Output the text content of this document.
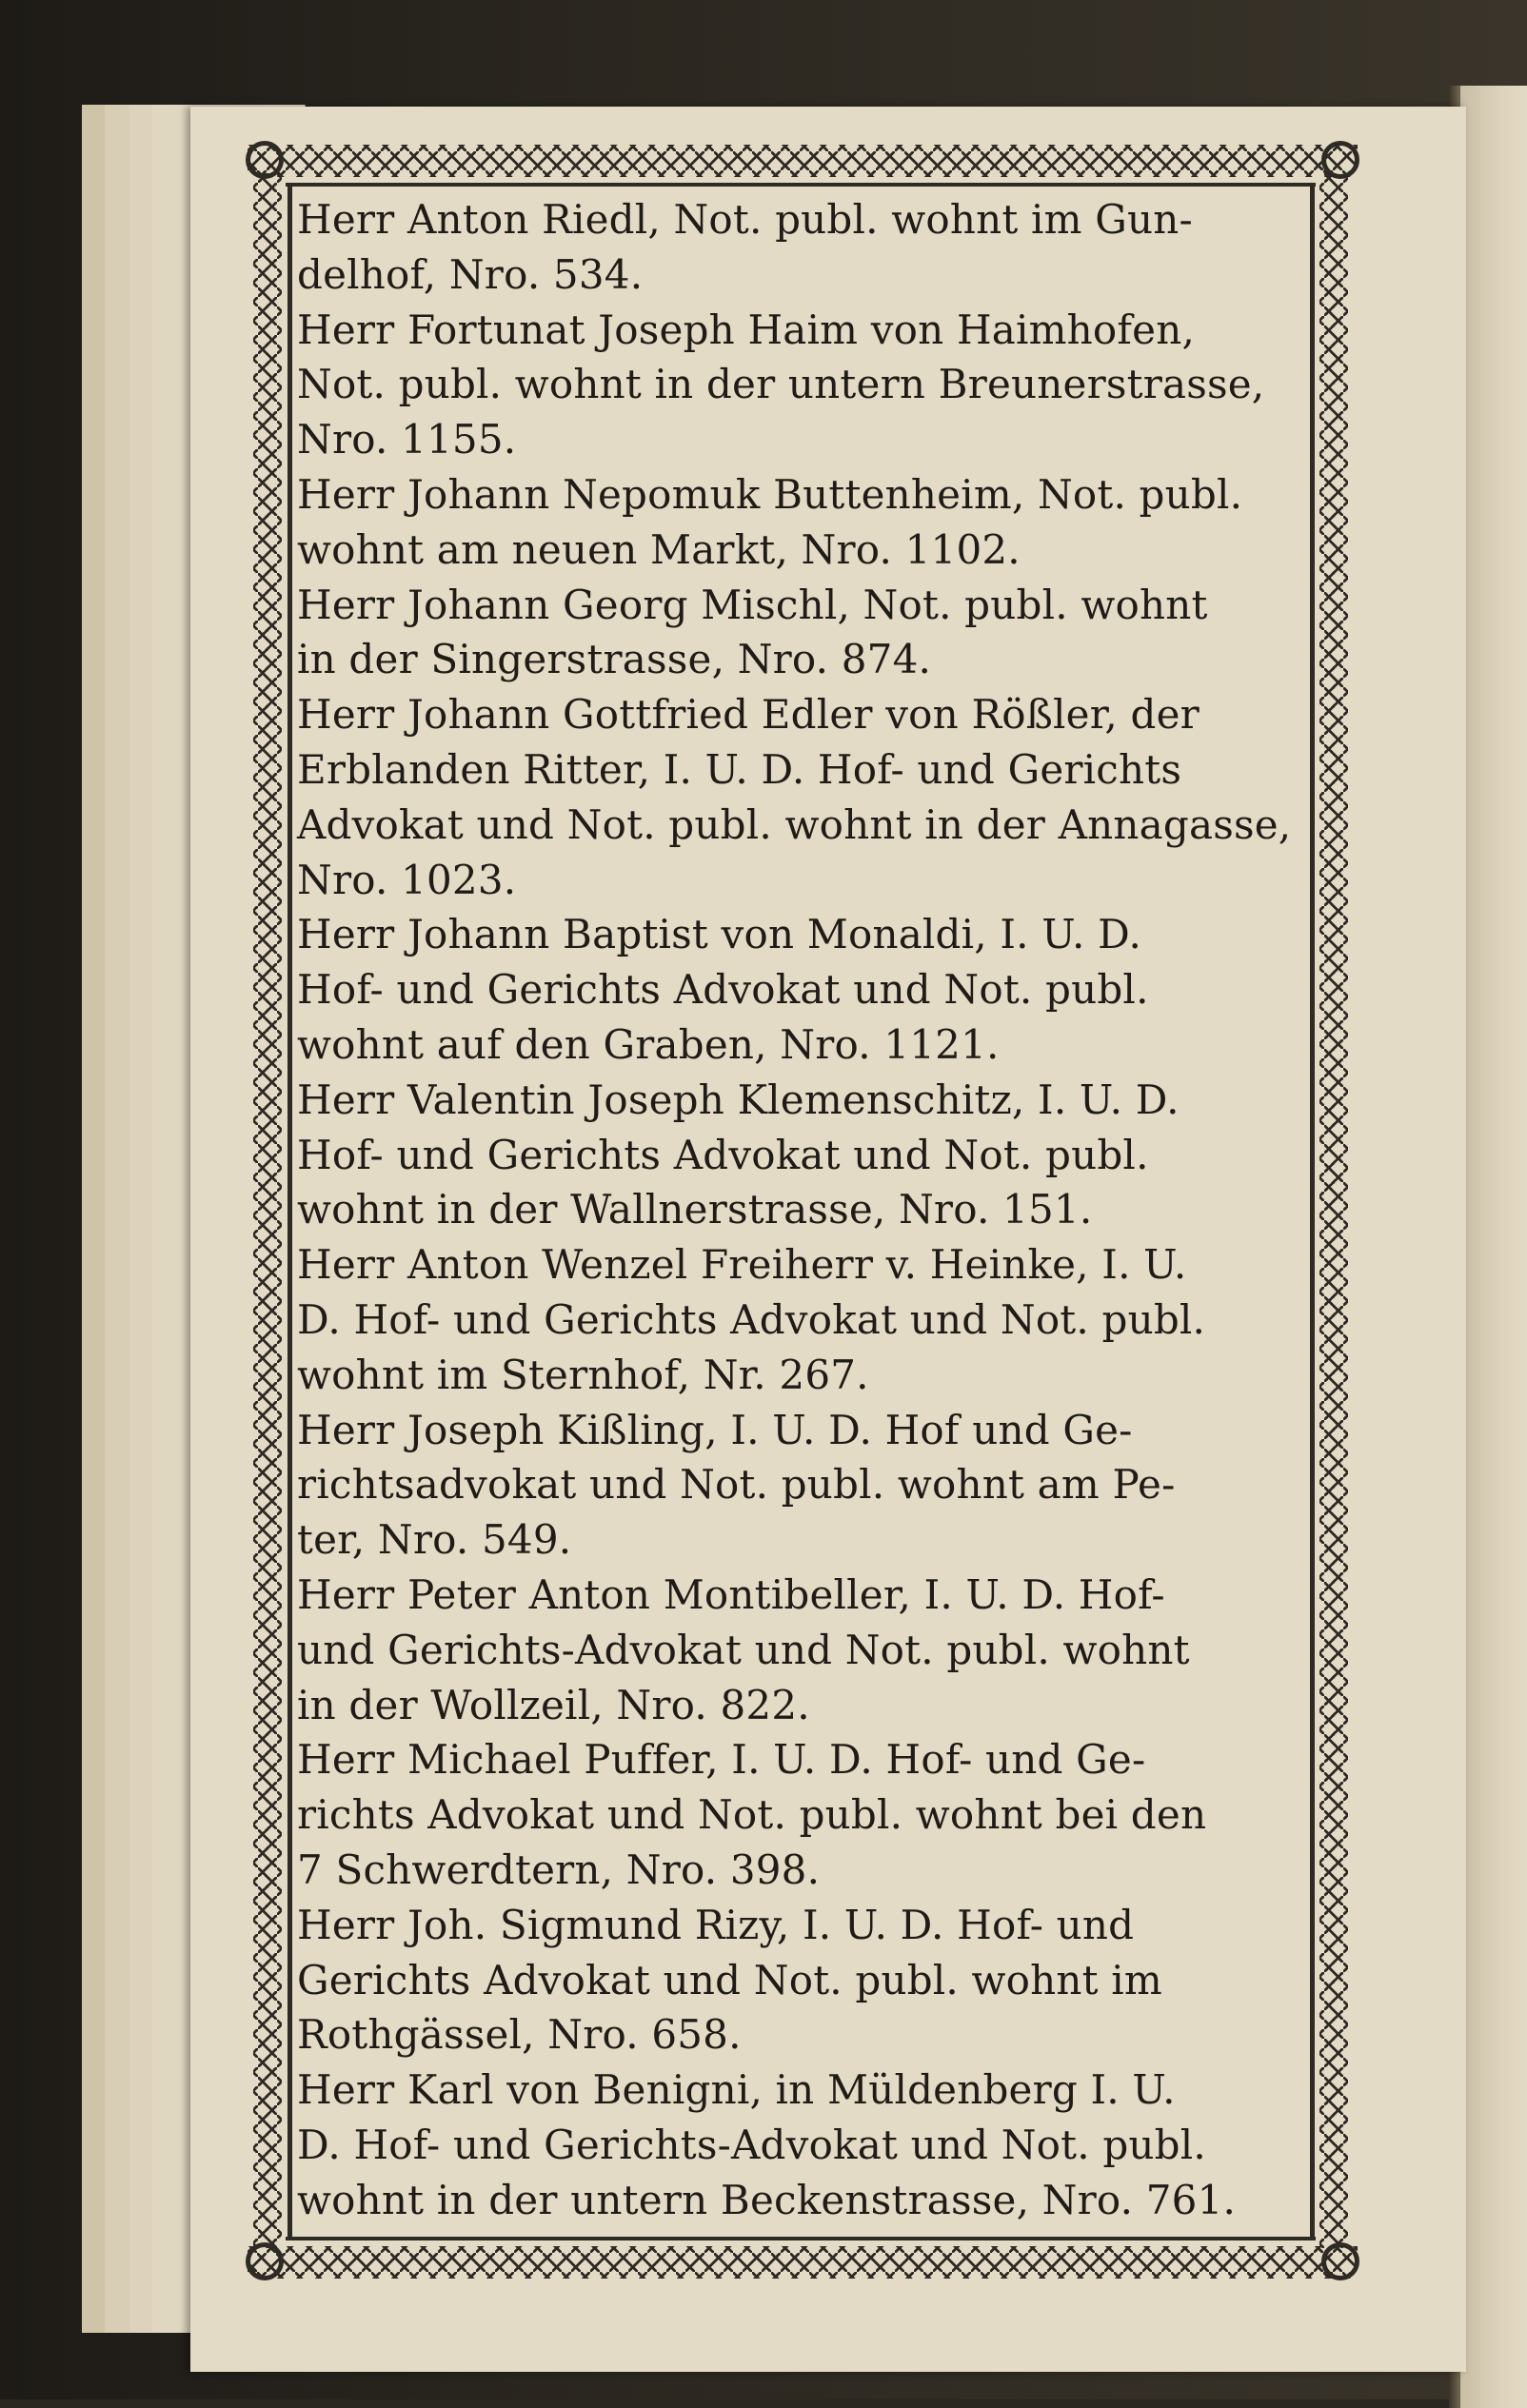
Herr Anton Riedl, Not. publ. wohnt im Gun-
delhof, Nro. 534.

Herr Fortunat Joseph Haim von Haimhofen,
Not. publ. wohnt in der untern Breunerstrasse,
Nro. 1155.

Herr Johann Nepomuk Buttenheim, Not. publ.
wohnt am neuen Markt, Nro. 1102.

Herr Johann Georg Mischl, Not. publ. wohnt
in der Singerstrasse, Nro. 874.

Herr Johann Gottfried Edler von Rößler, der
Erblanden Ritter, I. U. D. Hof- und Gerichts
Advokat und Not. publ. wohnt in der Annagasse,
Nro. 1023.

Herr Johann Baptist von Monaldi, I. U. D.
Hof- und Gerichts Advokat und Not. publ.
wohnt auf den Graben, Nro. 1121.

Herr Valentin Joseph Klemenschitz, I. U. D.
Hof- und Gerichts Advokat und Not. publ.
wohnt in der Wallnerstrasse, Nro. 151.

Herr Anton Wenzel Freiherr v. Heinke, I. U.
D. Hof- und Gerichts Advokat und Not. publ.
wohnt im Sternhof, Nr. 267.

Herr Joseph Kißling, I. U. D. Hof und Ge-
richtsadvokat und Not. publ. wohnt am Pe-
ter, Nro. 549.

Herr Peter Anton Montibeller, I. U. D. Hof-
und Gerichts-Advokat und Not. publ. wohnt
in der Wollzeil, Nro. 822.

Herr Michael Puffer, I. U. D. Hof- und Ge-
richts Advokat und Not. publ. wohnt bei den
7 Schwerdtern, Nro. 398.

Herr Joh. Sigmund Rizy, I. U. D. Hof- und
Gerichts Advokat und Not. publ. wohnt im
Rothgässel, Nro. 658.

Herr Karl von Benigni, in Müldenberg I. U.
D. Hof- und Gerichts-Advokat und Not. publ.
wohnt in der untern Beckenstrasse, Nro. 761.
